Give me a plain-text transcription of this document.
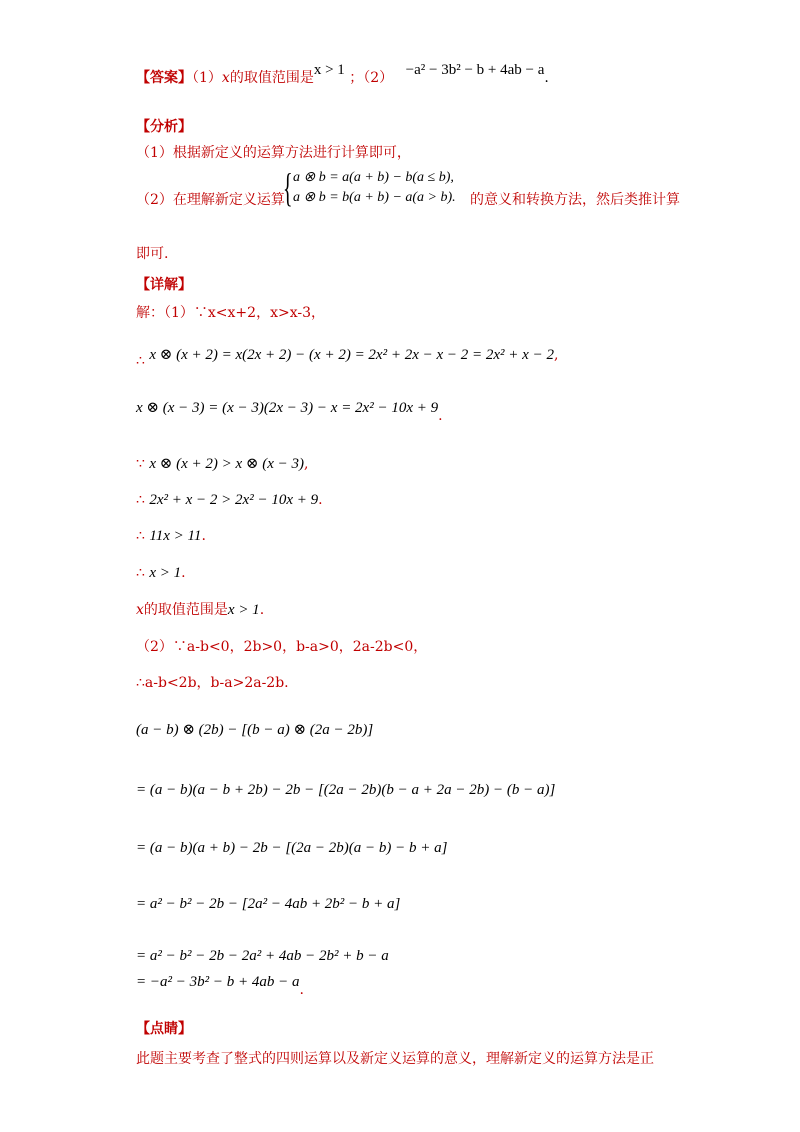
【答案】（1）x的取值范围是x > 1 ；（2） −a² − 3b² − b + 4ab − a.
【分析】
（1）根据新定义的运算方法进行计算即可，
（2）在理解新定义运算
{ a ⊗ b = a(a + b) − b(a ≤ b),
a ⊗ b = b(a + b) − a(a > b). 的意义和转换方法，然后类推计算
即可.
【详解】
解：（1）∵x<x+2，x>x-3，
∴ x ⊗ (x + 2) = x(2x + 2) − (x + 2) = 2x² + 2x − x − 2 = 2x² + x − 2,
x ⊗ (x − 3) = (x − 3)(2x − 3) − x = 2x² − 10x + 9.
∵ x ⊗ (x + 2) > x ⊗ (x − 3),
∴ 2x² + x − 2 > 2x² − 10x + 9.
∴ 11x > 11.
∴ x > 1.
x的取值范围是x > 1.
（2）∵a-b<0，2b>0，b-a>0，2a-2b<0，
∴a-b<2b，b-a>2a-2b.
(a − b) ⊗ (2b) − [(b − a) ⊗ (2a − 2b)]
= (a − b)(a − b + 2b) − 2b − [(2a − 2b)(b − a + 2a − 2b) − (b − a)]
= (a − b)(a + b) − 2b − [(2a − 2b)(a − b) − b + a]
= a² − b² − 2b − [2a² − 4ab + 2b² − b + a]
= a² − b² − 2b − 2a² + 4ab − 2b² + b − a
= −a² − 3b² − b + 4ab − a.
【点睛】
此题主要考查了整式的四则运算以及新定义运算的意义，理解新定义的运算方法是正
